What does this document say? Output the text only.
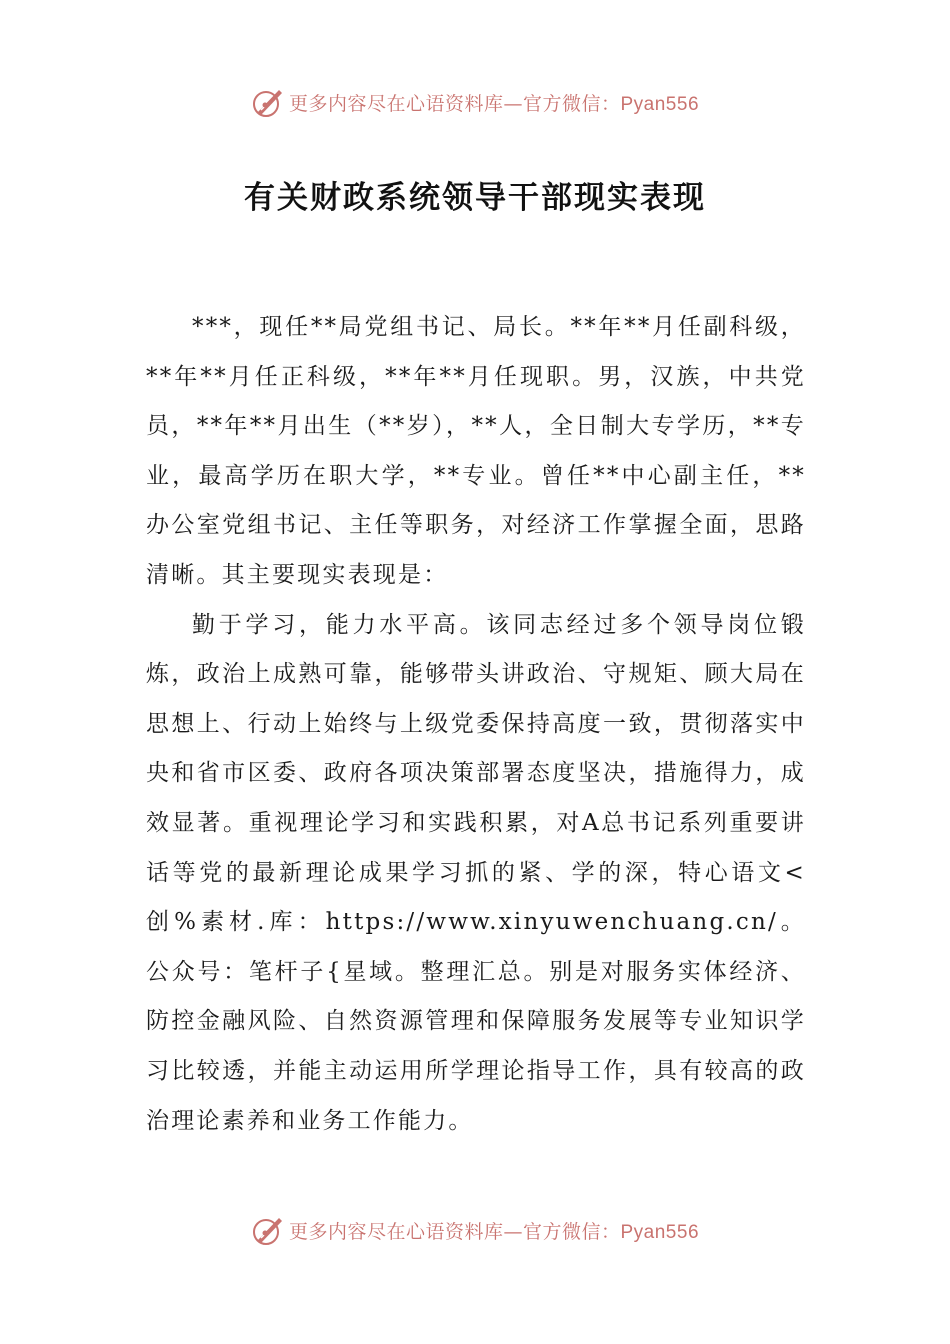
更多内容尽在心语资料库—官方微信：Pyan556
有关财政系统领导干部现实表现

***，现任**局党组书记、局长。**年**月任副科级，**年**月任正科级，**年**月任现职。男，汉族，中共党员，**年**月出生（**岁），**人，全日制大专学历，**专业，最高学历在职大学，**专业。曾任**中心副主任，**办公室党组书记、主任等职务，对经济工作掌握全面，思路清晰。其主要现实表现是：

勤于学习，能力水平高。该同志经过多个领导岗位锻炼，政治上成熟可靠，能够带头讲政治、守规矩、顾大局在思想上、行动上始终与上级党委保持高度一致，贯彻落实中央和省市区委、政府各项决策部署态度坚决，措施得力，成效显著。重视理论学习和实践积累，对A总书记系列重要讲话等党的最新理论成果学习抓的紧、学的深，特心语文<创%素材.库：https://www.xinyuwenchuang.cn/。公众号：笔杆子{星域。整理汇总。别是对服务实体经济、防控金融风险、自然资源管理和保障服务发展等专业知识学习比较透，并能主动运用所学理论指导工作，具有较高的政治理论素养和业务工作能力。

更多内容尽在心语资料库—官方微信：Pyan556
